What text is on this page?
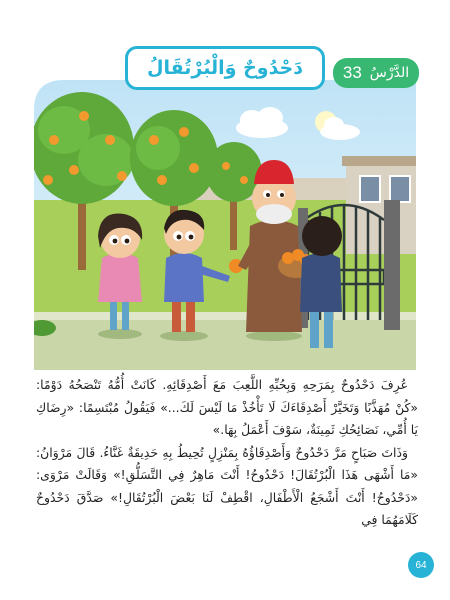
دَحْدُوحٌ وَالْبُرْتُقَالُ 33 الدَّرْسُ

عُرِفَ دَحْدُوحٌ بِمَرَحِهِ وَبِحُبِّهِ اللَّعِبَ مَعَ أَصْدِقَائِهِ. كَانَتْ أُمُّهُ تَنْصَحُهُ دَوْمًا: «كُنْ مُهَذَّبًا وَتَخَيَّرْ أَصْدِقَاءَكَ لَا تَأْخُذْ مَا لَيْسَ لَكَ...» فَيَقُولُ مُبْتَسِمًا: «رِضَاكِ يَا أُمِّي، نَصَائِحُكِ ثَمِينَةٌ، سَوْفَ أَعْمَلُ بِهَا.»

وَذَاتَ صَبَاحٍ مَرَّ دَحْدُوحٌ وَأَصْدِقَاؤُهُ بِمَنْزِلٍ تُحِيطُ بِهِ حَدِيقَةٌ غَنَّاءُ. قَالَ مَرْوَانُ: «مَا أَشْهَى هَذَا الْبُرْتُقَالَ! دَحْدُوحُ! أَنْتَ مَاهِرٌ فِي التَّسَلُّقِ!» وَقَالَتْ مَرْوَى: «دَحْدُوحُ! أَنْتَ أَشْجَعُ الْأَطْفَالِ، اقْطِفْ لَنَا بَعْضَ الْبُرْتُقَالِ!» صَدَّقَ دَحْدُوحٌ كَلَامَهُمَا فِي

64
